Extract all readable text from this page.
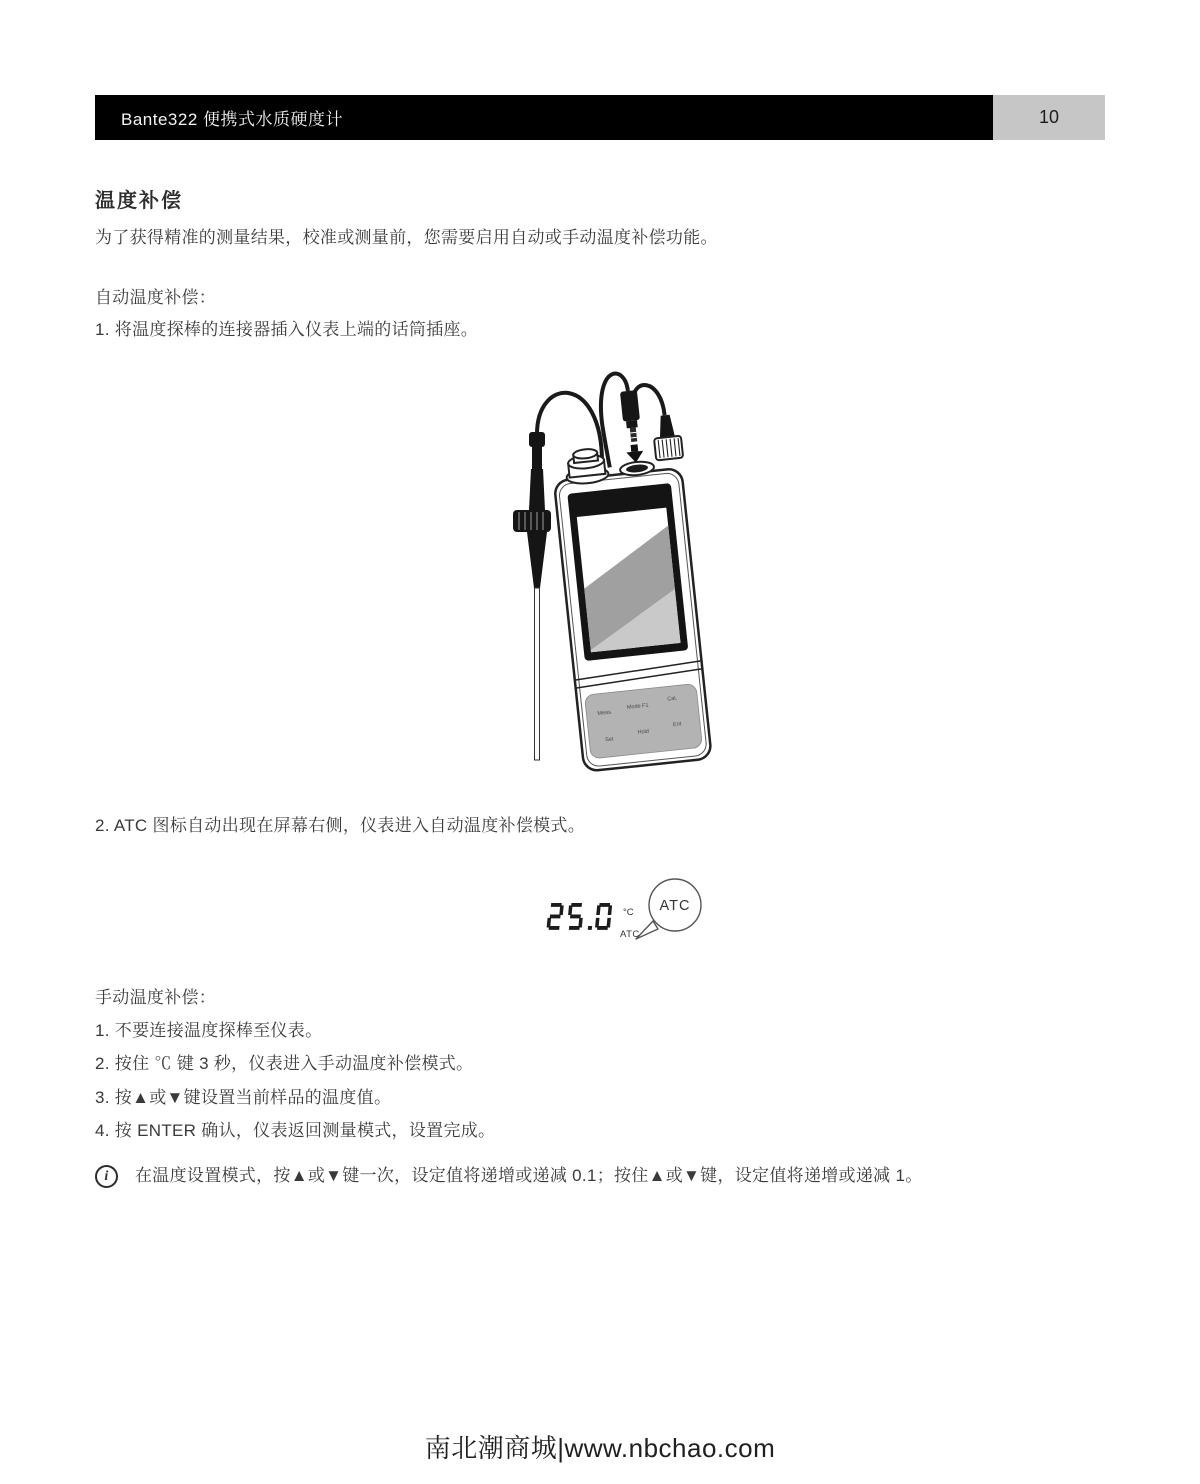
Bante322 便携式水质硬度计	10
温度补偿
为了获得精准的测量结果，校准或测量前，您需要启用自动或手动温度补偿功能。
自动温度补偿：
1. 将温度探棒的连接器插入仪表上端的话筒插座。
Meas.
Mode F1
Cal.
Set
Hold
Ent
2. ATC 图标自动出现在屏幕右侧，仪表进入自动温度补偿模式。
°C
ATC
ATC
手动温度补偿：
1. 不要连接温度探棒至仪表。
2. 按住 ℃ 键 3 秒，仪表进入手动温度补偿模式。
3. 按▲或▼键设置当前样品的温度值。
4. 按 ENTER 确认，仪表返回测量模式，设置完成。
i	在温度设置模式，按▲或▼键一次，设定值将递增或递减 0.1；按住▲或▼键，设定值将递增或递减 1。
南北潮商城|www.nbchao.com
